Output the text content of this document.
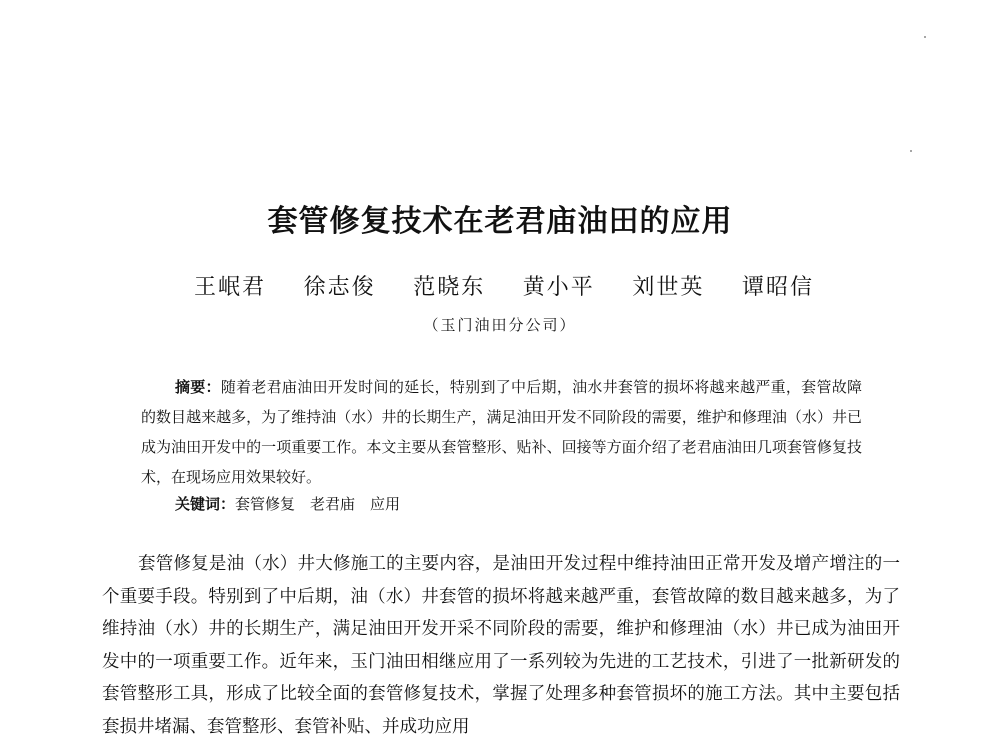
套管修复技术在老君庙油田的应用
王岷君 徐志俊 范晓东 黄小平 刘世英 谭昭信
（玉门油田分公司）

摘要：随着老君庙油田开发时间的延长，特别到了中后期，油水井套管的损坏将越来越严重，套管故障的数目越来越多，为了维持油（水）井的长期生产，满足油田开发不同阶段的需要，维护和修理油（水）井已成为油田开发中的一项重要工作。本文主要从套管整形、贴补、回接等方面介绍了老君庙油田几项套管修复技术，在现场应用效果较好。

关键词：套管修复　老君庙　应用

套管修复是油（水）井大修施工的主要内容，是油田开发过程中维持油田正常开发及增产增注的一个重要手段。特别到了中后期，油（水）井套管的损坏将越来越严重，套管故障的数目越来越多，为了维持油（水）井的长期生产，满足油田开发开采不同阶段的需要，维护和修理油（水）井已成为油田开发中的一项重要工作。近年来，玉门油田相继应用了一系列较为先进的工艺技术，引进了一批新研发的套管整形工具，形成了比较全面的套管修复技术，掌握了处理多种套管损坏的施工方法。其中主要包括套损井堵漏、套管整形、套管补贴、并成功应用
